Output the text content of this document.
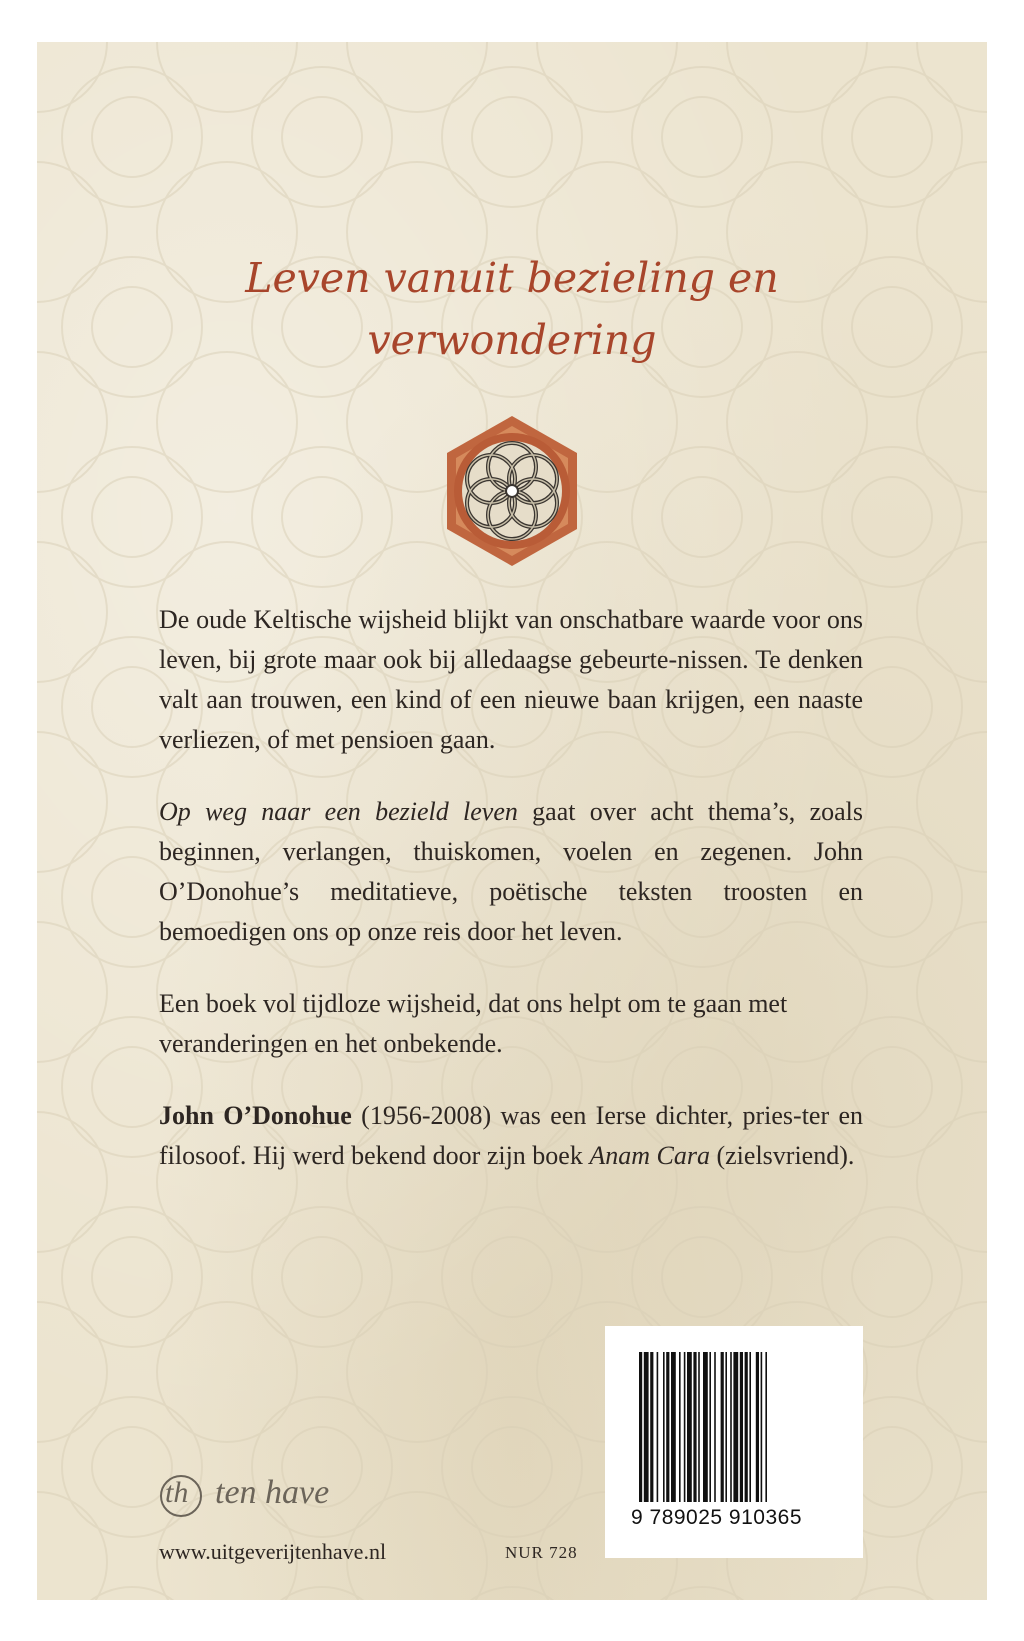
Leven vanuit bezieling en
verwondering

De oude Keltische wijsheid blijkt van onschatbare waarde voor ons leven, bij grote maar ook bij alledaagse gebeurte-nissen. Te denken valt aan trouwen, een kind of een nieuwe baan krijgen, een naaste verliezen, of met pensioen gaan.

Op weg naar een bezield leven gaat over acht thema’s, zoals beginnen, verlangen, thuiskomen, voelen en zegenen. John O’Donohue’s meditatieve, poëtische teksten troosten en bemoedigen ons op onze reis door het leven.

Een boek vol tijdloze wijsheid, dat ons helpt om te gaan met veranderingen en het onbekende.

John O’Donohue (1956-2008) was een Ierse dichter, pries-ter en filosoof. Hij werd bekend door zijn boek Anam Cara (zielsvriend).

th ten have
www.uitgeverijtenhave.nl	NUR 728
9 789025 910365
